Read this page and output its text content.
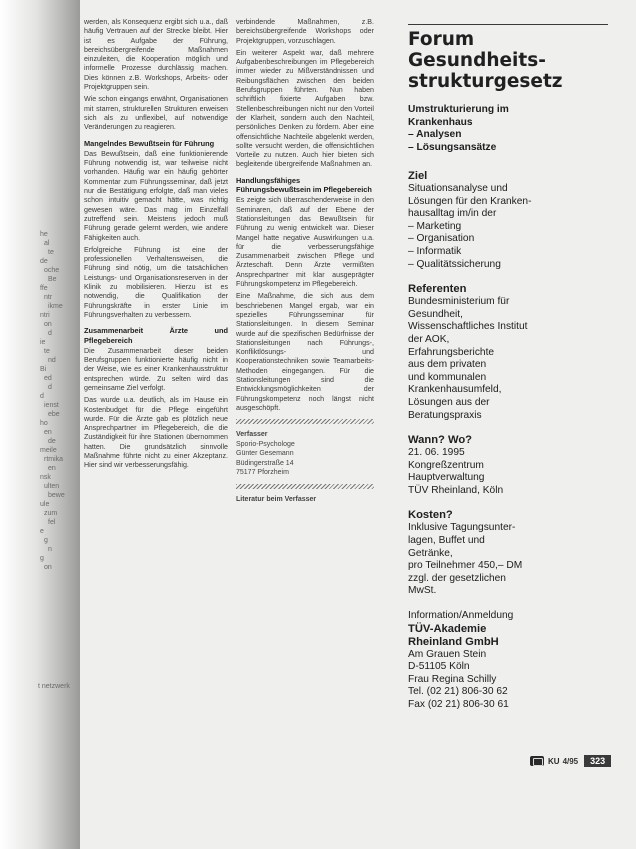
he
al
te
de
oche
Be
ffe
ntr
ikme
ntri
on
d
ie
te
nd
Bi
ed
d
d
ienst
ebe
ho
en
de
meile
rtmika
en
nsk
ulten
bewe
ule
zum
fel
e
g
n
g
on
t netzwerk

werden, als Konsequenz ergibt sich u.a., daß häufig Vertrauen auf der Strecke bleibt. Hier ist es Aufgabe der Führung, bereichsübergreifende Maßnahmen einzuleiten, die Kooperation möglich und informelle Prozesse durchlässig machen. Dies können z.B. Workshops, Arbeits- oder Projektgruppen sein.

Wie schon eingangs erwähnt, Organisationen mit starren, strukturellen Strukturen erweisen sich als zu unflexibel, auf notwendige Veränderungen zu reagieren.

Mangelndes Bewußtsein für Führung

Das Bewußtsein, daß eine funktionierende Führung notwendig ist, war teilweise nicht vorhanden. Häufig war ein häufig gehörter Kommentar zum Führungsseminar, daß jetzt nur die Bestätigung erfolgte, daß man vieles schon intuitiv gemacht hätte, was richtig gewesen wäre. Das mag im Einzelfall zutreffend sein. Meistens jedoch muß Führung gerade gelernt werden, wie andere Fähigkeiten auch.

Erfolgreiche Führung ist eine der professionellen Verhaltensweisen, die Führung sind nötig, um die tatsächlichen Leistungs- und Organisationsreserven in der Klinik zu mobilisieren. Hierzu ist es notwendig, die Qualifikation der Führungskräfte in erster Linie im Führungsverhalten zu verbessern.

Zusammenarbeit Ärzte und Pflegebereich

Die Zusammenarbeit dieser beiden Berufsgruppen funktionierte häufig nicht in der Weise, wie es einer Krankenhausstruktur entsprechen würde. Zu selten wird das gemeinsame Ziel verfolgt.

Das wurde u.a. deutlich, als im Hause ein Kostenbudget für die Pflege eingeführt wurde. Für die Ärzte gab es plötzlich neue Ansprechpartner im Pflegebereich, die die Zuständigkeit für ihre Stationen übernommen hatten. Die grundsätzlich sinnvolle Maßnahme führte nicht zu einer Akzeptanz. Hier sind wir verbesserungsfähig.

verbindende Maßnahmen, z.B. bereichsübergreifende Workshops oder Projektgruppen, vorzuschlagen.

Ein weiterer Aspekt war, daß mehrere Aufgabenbeschreibungen im Pflegebereich immer wieder zu Mißverständnissen und Reibungsflächen zwischen den beiden Berufsgruppen führten. Nun haben schriftlich fixierte Aufgaben bzw. Stellenbeschreibungen nicht nur den Vorteil der Klarheit, sondern auch den Nachteil, persönliches Denken zu fördern. Aber eine offensichtliche Nachteile abgelenkt werden, sollte versucht werden, die offensichtlichen Vorteile zu nutzen. Auch hier bieten sich begleitende übergreifende Maßnahmen an.

Handlungsfähiges Führungsbewußtsein im Pflegebereich

Es zeigte sich überraschenderweise in den Seminaren, daß auf der Ebene der Stationsleitungen das Bewußtsein für Führung zu wenig entwickelt war. Dieser Mangel hatte negative Auswirkungen u.a. für die verbesserungsfähige Zusammenarbeit zwischen Pflege und Ärzteschaft. Denn Ärzte vermißten Ansprechpartner mit klar ausgeprägter Führungskompetenz im Pflegebereich.

Eine Maßnahme, die sich aus dem beschriebenen Mangel ergab, war ein spezielles Führungsseminar für Stationsleitungen. In diesem Seminar wurde auf die spezifischen Bedürfnisse der Stationsleitungen nach Führungs-, Konfliktlösungs- und Kooperationstechniken sowie Teamarbeits-Methoden eingegangen. Für die Stationsleitungen sind die Entwicklungsmöglichkeiten der Führungskompetenz noch längst nicht ausgeschöpft.

Verfasser
Sporio-Psychologe
Günter Gesemann
Büdingerstraße 14
75177 Pforzheim

Literatur beim Verfasser

Forum
Gesundheits-
strukturgesetz
Umstrukturierung im
Krankenhaus
– Analysen
– Lösungsansätze
Ziel
Situationsanalyse und
Lösungen für den Kranken-
hausalltag im/in der
– Marketing
– Organisation
– Informatik
– Qualitätssicherung
Referenten
Bundesministerium für
Gesundheit,
Wissenschaftliches Institut
der AOK,
Erfahrungsberichte
aus dem privaten
und kommunalen
Krankenhausumfeld,
Lösungen aus der
Beratungspraxis
Wann? Wo?
21. 06. 1995
Kongreßzentrum
Hauptverwaltung
TÜV Rheinland, Köln
Kosten?
Inklusive Tagungsunter-
lagen, Buffet und
Getränke,
pro Teilnehmer 450,– DM
zzgl. der gesetzlichen
MwSt.
Information/Anmeldung
TÜV-Akademie
Rheinland GmbH
Am Grauen Stein
D-51105 Köln
Frau Regina Schilly
Tel. (02 21) 806-30 62
Fax (02 21) 806-30 61
KU 4/95	323
